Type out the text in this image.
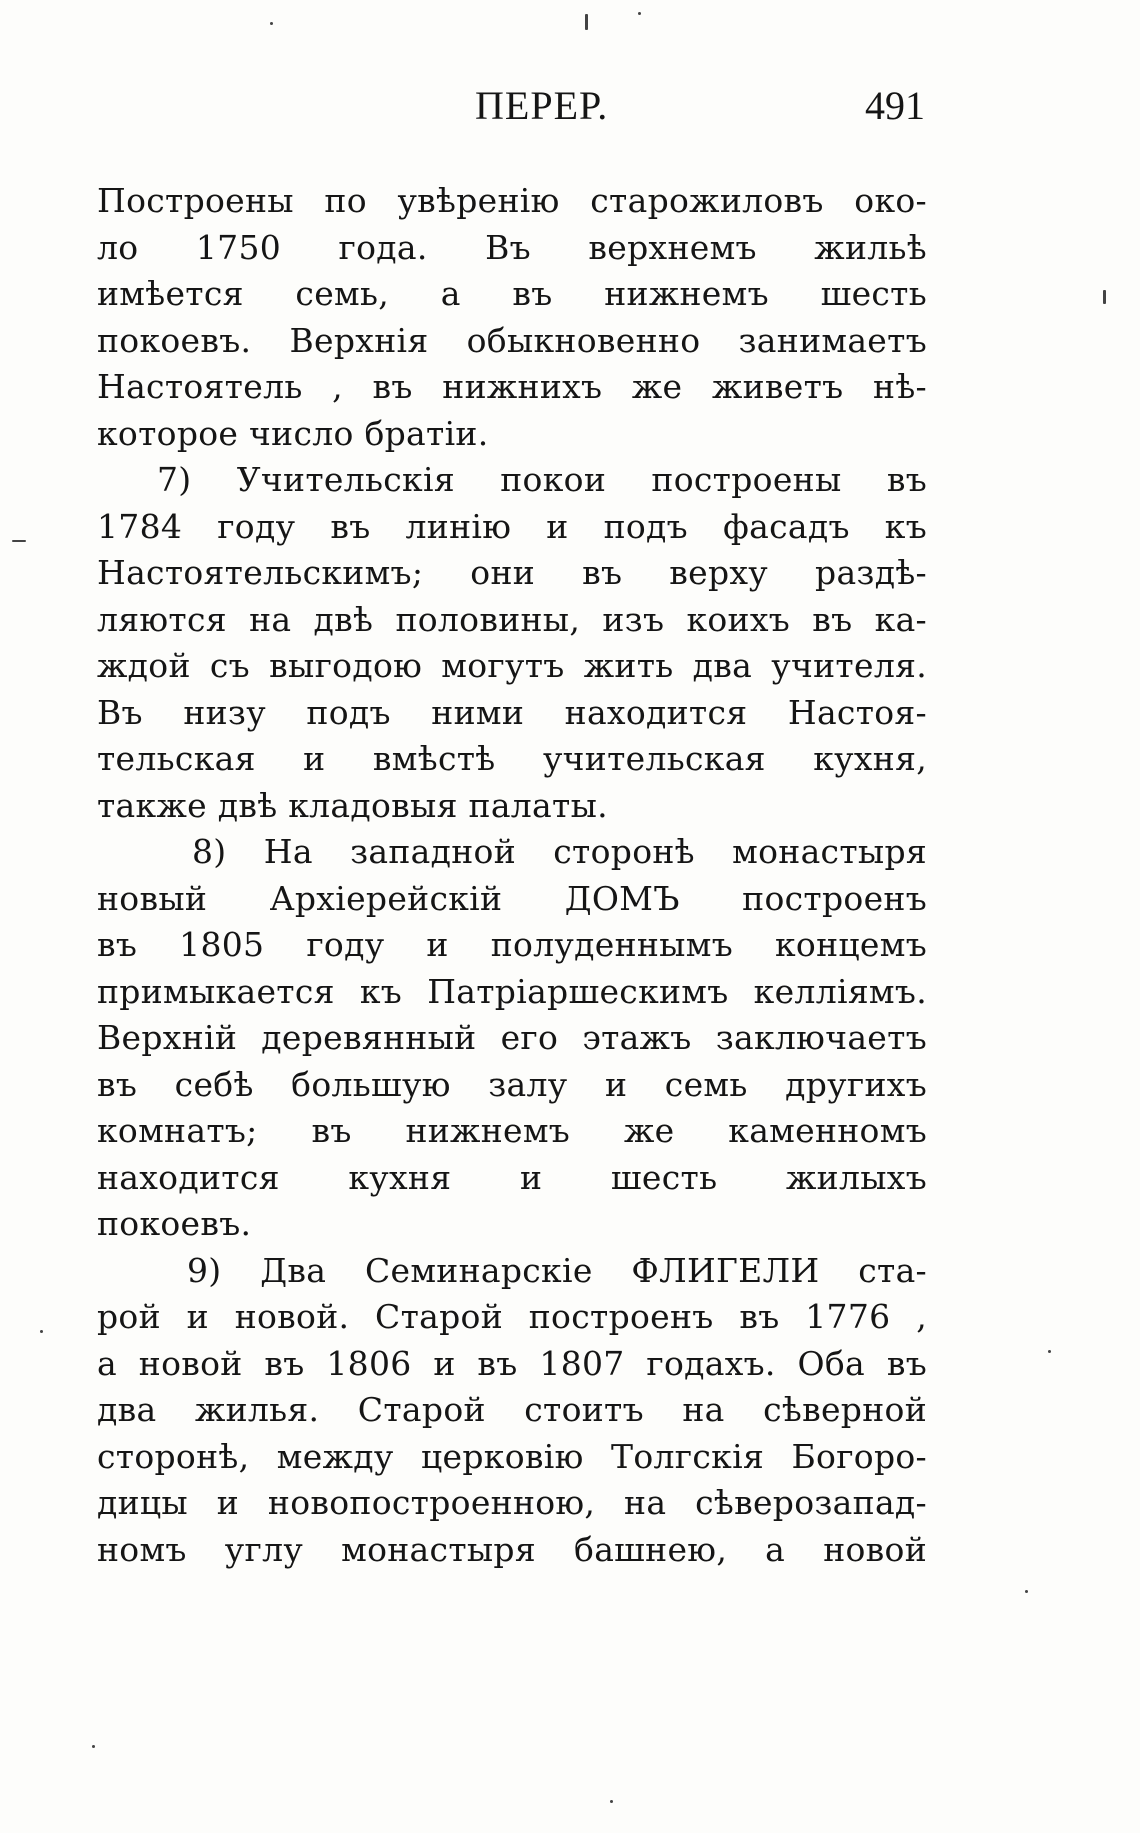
ПЕРЕР.	491
Построены по увѣренію старожиловъ око-
ло 1750 года. Въ верхнемъ жильѣ
имѣется семь, а въ нижнемъ шесть
покоевъ. Верхнія обыкновенно занимаетъ
Настоятель , въ нижнихъ же живетъ нѣ-
которое число братіи.
7) Учительскія покои построены въ
1784 году въ линію и подъ фасадъ къ
Настоятельскимъ; они въ верху раздѣ-
ляются на двѣ половины, изъ коихъ въ ка-
ждой съ выгодою могутъ жить два учителя.
Въ низу подъ ними находится Настоя-
тельская и вмѣстѣ учительская кухня,
также двѣ кладовыя палаты.
8) На западной сторонѣ монастыря
новый Архіерейскій ДОМЪ построенъ
въ 1805 году и полуденнымъ концемъ
примыкается къ Патріаршескимъ келліямъ.
Верхній деревянный его этажъ заключаетъ
въ себѣ большую залу и семь другихъ
комнатъ; въ нижнемъ же каменномъ
находится кухня и шесть жилыхъ
покоевъ.
9) Два Семинарскіе ФЛИГЕЛИ ста-
рой и новой. Старой построенъ въ 1776 ,
а новой въ 1806 и въ 1807 годахъ. Оба въ
два жилья. Старой стоитъ на сѣверной
сторонѣ, между церковію Толгскія Богоро-
дицы и новопостроенною, на сѣверозапад-
номъ углу монастыря башнею, а новой
